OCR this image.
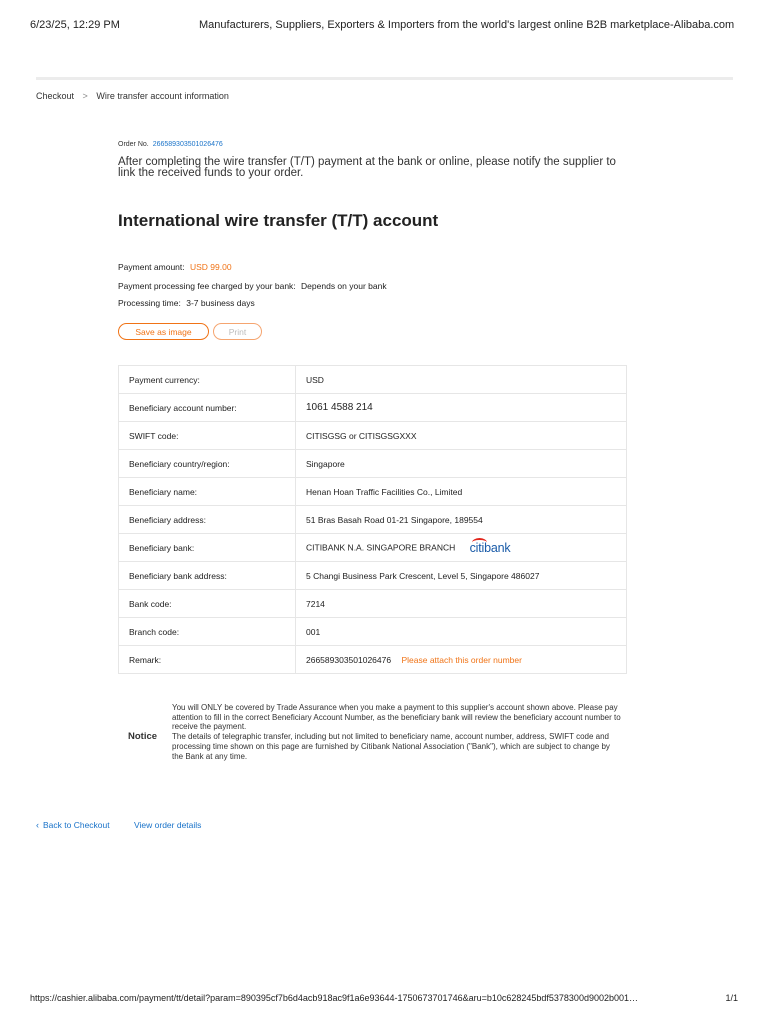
6/23/25, 12:29 PM	Manufacturers, Suppliers, Exporters & Importers from the world's largest online B2B marketplace-Alibaba.com
Checkout > Wire transfer account information
Order No. 266589303501026476
After completing the wire transfer (T/T) payment at the bank or online, please notify the supplier to link the received funds to your order.
International wire transfer (T/T) account
Payment amount: USD 99.00
Payment processing fee charged by your bank: Depends on your bank
Processing time: 3-7 business days
Save as image	Print
Payment currency:	USD
Beneficiary account number:	1061 4588 214
SWIFT code:	CITISGSG or CITISGSGXXX
Beneficiary country/region:	Singapore
Beneficiary name:	Henan Hoan Traffic Facilities Co., Limited
Beneficiary address:	51 Bras Basah Road 01-21 Singapore, 189554
Beneficiary bank:	CITIBANK N.A. SINGAPORE BRANCH citibank
Beneficiary bank address:	5 Changi Business Park Crescent, Level 5, Singapore 486027
Bank code:	7214
Branch code:	001
Remark:	266589303501026476 Please attach this order number
Notice
You will ONLY be covered by Trade Assurance when you make a payment to this supplier's account shown above. Please pay attention to fill in the correct Beneficiary Account Number, as the beneficiary bank will review the beneficiary account number to receive the payment.
The details of telegraphic transfer, including but not limited to beneficiary name, account number, address, SWIFT code and processing time shown on this page are furnished by Citibank National Association ("Bank"), which are subject to change by the Bank at any time.
‹ Back to Checkout	View order details
https://cashier.alibaba.com/payment/tt/detail?param=890395cf7b6d4acb918ac9f1a6e93644-1750673701746&aru=b10c628245bdf5378300d9002b001…	1/1
